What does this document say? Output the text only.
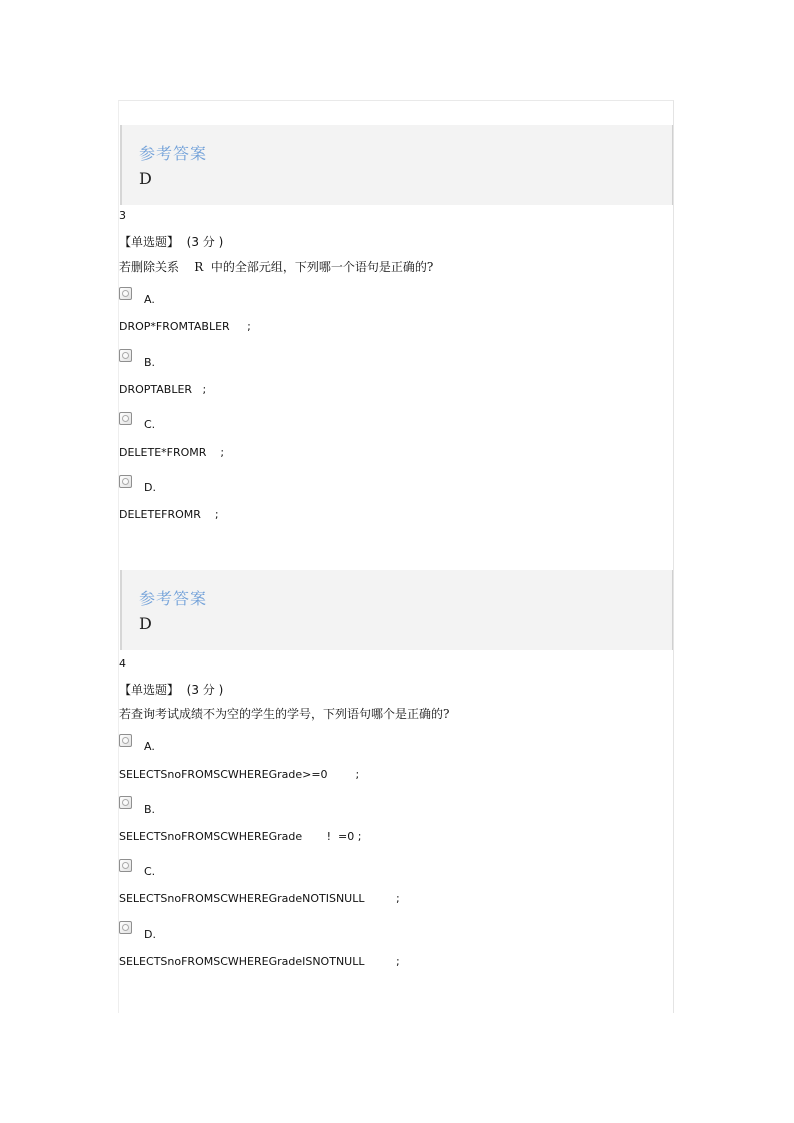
参考答案
D
3
【单选题】 (3 分 )
若删除关系    R  中的全部元组，下列哪一个语句是正确的?
A.
DROP*FROMTABLER     ;
B.
DROPTABLER   ;
C.
DELETE*FROMR    ;
D.
DELETEFROMR    ;
参考答案
D
4
【单选题】 (3 分 )
若查询考试成绩不为空的学生的学号，下列语句哪个是正确的?
A.
SELECTSnoFROMSCWHEREGrade>=0        ;
B.
SELECTSnoFROMSCWHEREGrade       !  =0 ;
C.
SELECTSnoFROMSCWHEREGradeNOTISNULL         ;
D.
SELECTSnoFROMSCWHEREGradeISNOTNULL         ;
